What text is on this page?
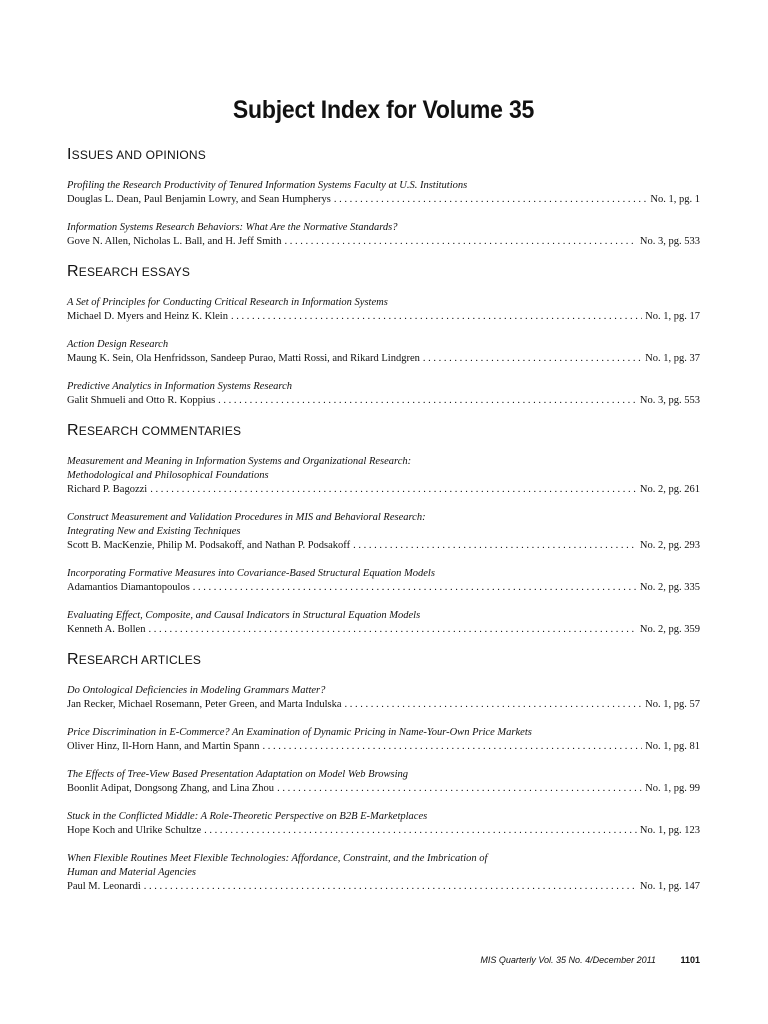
Subject Index for Volume 35
ISSUES AND OPINIONS
Profiling the Research Productivity of Tenured Information Systems Faculty at U.S. Institutions
Douglas L. Dean, Paul Benjamin Lowry, and Sean Humpherys . . .	No. 1, pg. 1
Information Systems Research Behaviors: What Are the Normative Standards?
Gove N. Allen, Nicholas L. Ball, and H. Jeff Smith . . .	No. 3, pg. 533
RESEARCH ESSAYS
A Set of Principles for Conducting Critical Research in Information Systems
Michael D. Myers and Heinz K. Klein . . .	No. 1, pg. 17
Action Design Research
Maung K. Sein, Ola Henfridsson, Sandeep Purao, Matti Rossi, and Rikard Lindgren . . .	No. 1, pg. 37
Predictive Analytics in Information Systems Research
Galit Shmueli and Otto R. Koppius . . .	No. 3, pg. 553
RESEARCH COMMENTARIES
Measurement and Meaning in Information Systems and Organizational Research:
Methodological and Philosophical Foundations
Richard P. Bagozzi . . .	No. 2, pg. 261
Construct Measurement and Validation Procedures in MIS and Behavioral Research:
Integrating New and Existing Techniques
Scott B. MacKenzie, Philip M. Podsakoff, and Nathan P. Podsakoff . . .	No. 2, pg. 293
Incorporating Formative Measures into Covariance-Based Structural Equation Models
Adamantios Diamantopoulos . . .	No. 2, pg. 335
Evaluating Effect, Composite, and Causal Indicators in Structural Equation Models
Kenneth A. Bollen . . .	No. 2, pg. 359
RESEARCH ARTICLES
Do Ontological Deficiencies in Modeling Grammars Matter?
Jan Recker, Michael Rosemann, Peter Green, and Marta Indulska . . .	No. 1, pg. 57
Price Discrimination in E-Commerce? An Examination of Dynamic Pricing in Name-Your-Own Price Markets
Oliver Hinz, Il-Horn Hann, and Martin Spann . . .	No. 1, pg. 81
The Effects of Tree-View Based Presentation Adaptation on Model Web Browsing
Boonlit Adipat, Dongsong Zhang, and Lina Zhou . . .	No. 1, pg. 99
Stuck in the Conflicted Middle: A Role-Theoretic Perspective on B2B E-Marketplaces
Hope Koch and Ulrike Schultze . . .	No. 1, pg. 123
When Flexible Routines Meet Flexible Technologies: Affordance, Constraint, and the Imbrication of
Human and Material Agencies
Paul M. Leonardi . . .	No. 1, pg. 147
MIS Quarterly Vol. 35 No. 4/December 2011	1101
